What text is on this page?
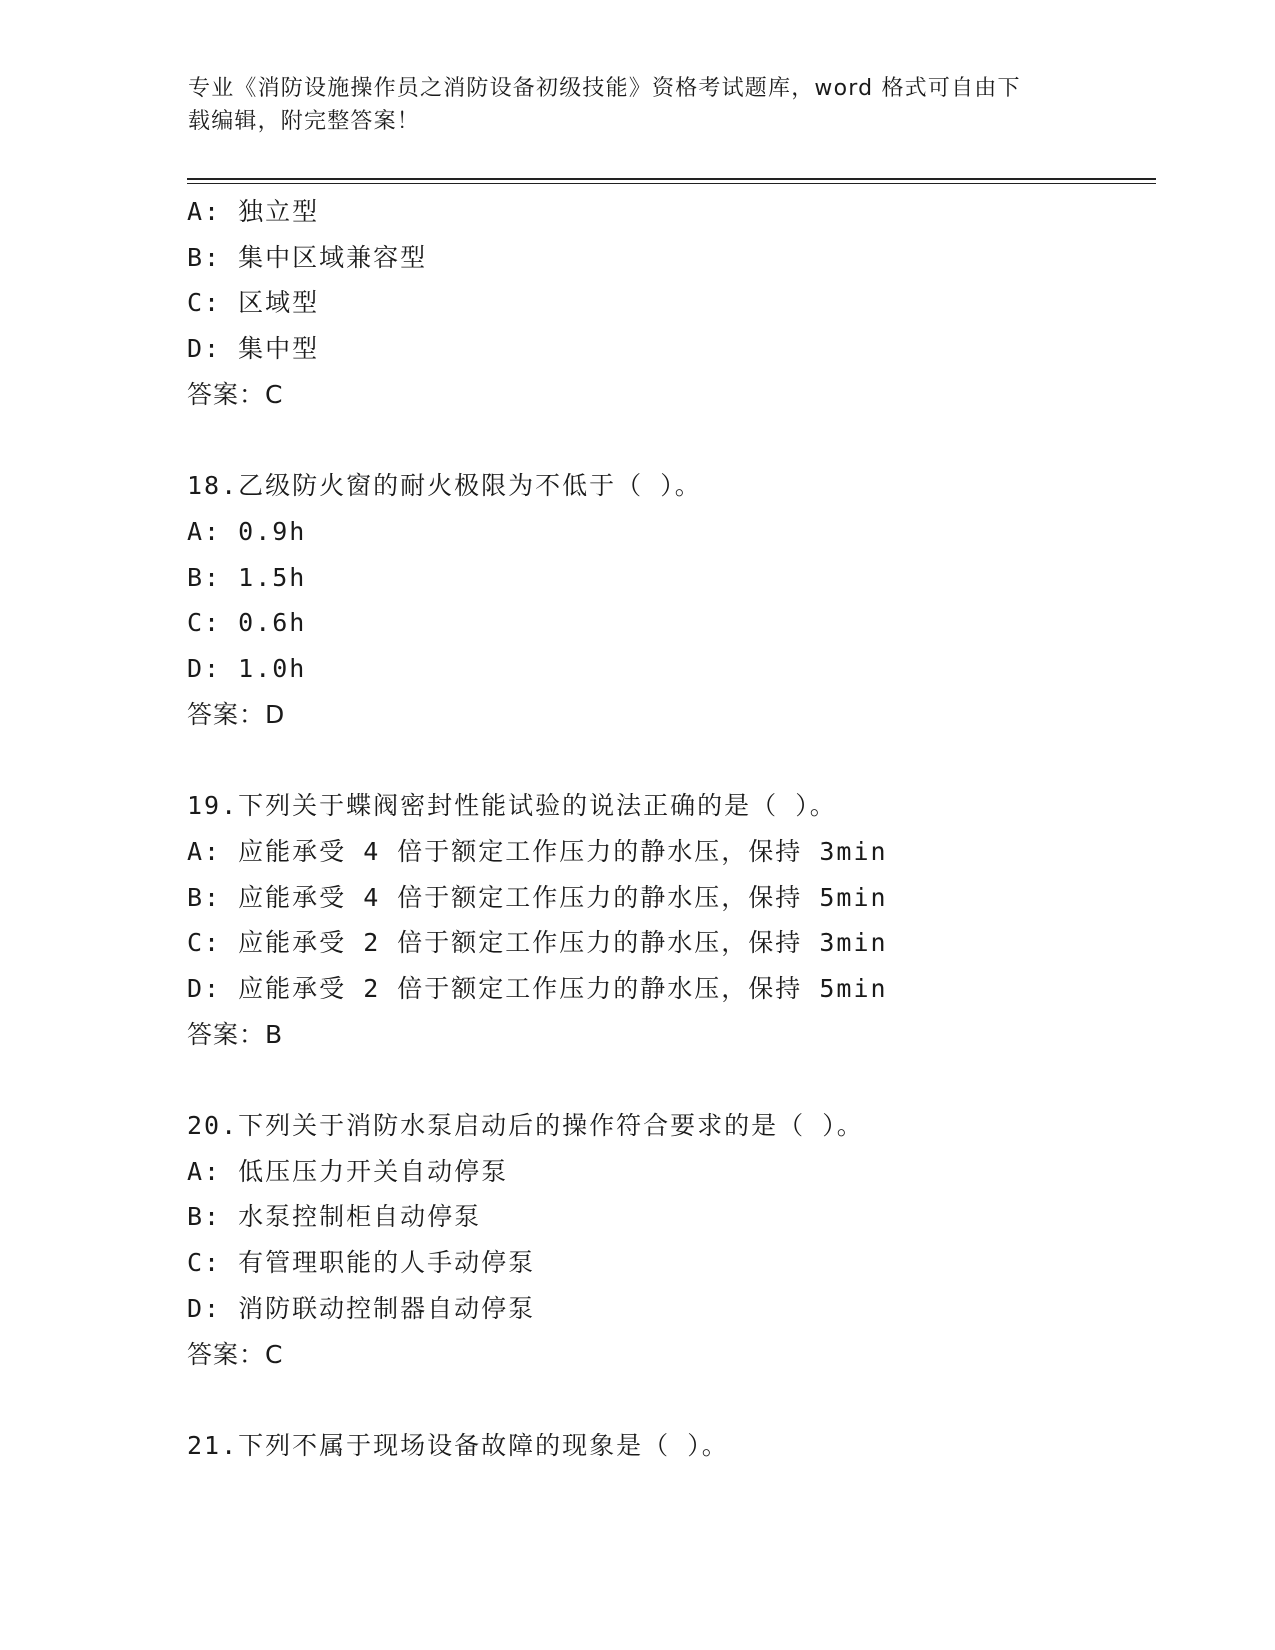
专业《消防设施操作员之消防设备初级技能》资格考试题库，word 格式可自由下
载编辑，附完整答案！
A: 独立型
B: 集中区域兼容型
C: 区域型
D: 集中型
答案：C
18.乙级防火窗的耐火极限为不低于（ ）。
A: 0.9h
B: 1.5h
C: 0.6h
D: 1.0h
答案：D
19.下列关于蝶阀密封性能试验的说法正确的是（ ）。
A: 应能承受 4 倍于额定工作压力的静水压，保持 3min
B: 应能承受 4 倍于额定工作压力的静水压，保持 5min
C: 应能承受 2 倍于额定工作压力的静水压，保持 3min
D: 应能承受 2 倍于额定工作压力的静水压，保持 5min
答案：B
20.下列关于消防水泵启动后的操作符合要求的是（ ）。
A: 低压压力开关自动停泵
B: 水泵控制柜自动停泵
C: 有管理职能的人手动停泵
D: 消防联动控制器自动停泵
答案：C
21.下列不属于现场设备故障的现象是（ ）。
